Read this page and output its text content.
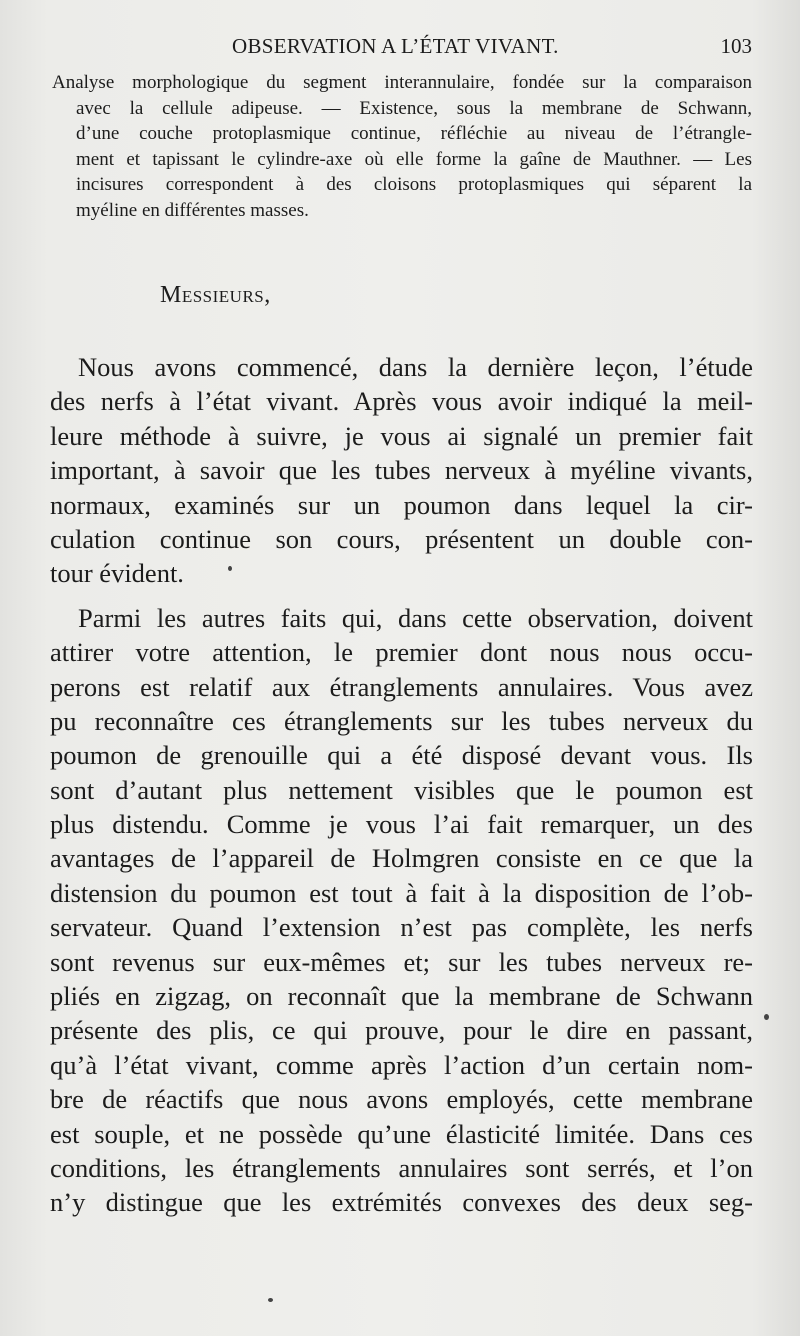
OBSERVATION A L’ÉTAT VIVANT.	103
Analyse morphologique du segment interannulaire, fondée sur la comparaison
avec la cellule adipeuse. — Existence, sous la membrane de Schwann,
d’une couche protoplasmique continue, réfléchie au niveau de l’étrangle-
ment et tapissant le cylindre-axe où elle forme la gaîne de Mauthner. — Les
incisures correspondent à des cloisons protoplasmiques qui séparent la
myéline en différentes masses.
Messieurs,
Nous avons commencé, dans la dernière leçon, l’étude
des nerfs à l’état vivant. Après vous avoir indiqué la meil-
leure méthode à suivre, je vous ai signalé un premier fait
important, à savoir que les tubes nerveux à myéline vivants,
normaux, examinés sur un poumon dans lequel la cir-
culation continue son cours, présentent un double con-
tour évident.
Parmi les autres faits qui, dans cette observation, doivent
attirer votre attention, le premier dont nous nous occu-
perons est relatif aux étranglements annulaires. Vous avez
pu reconnaître ces étranglements sur les tubes nerveux du
poumon de grenouille qui a été disposé devant vous. Ils
sont d’autant plus nettement visibles que le poumon est
plus distendu. Comme je vous l’ai fait remarquer, un des
avantages de l’appareil de Holmgren consiste en ce que la
distension du poumon est tout à fait à la disposition de l’ob-
servateur. Quand l’extension n’est pas complète, les nerfs
sont revenus sur eux-mêmes et; sur les tubes nerveux re-
pliés en zigzag, on reconnaît que la membrane de Schwann
présente des plis, ce qui prouve, pour le dire en passant,
qu’à l’état vivant, comme après l’action d’un certain nom-
bre de réactifs que nous avons employés, cette membrane
est souple, et ne possède qu’une élasticité limitée. Dans ces
conditions, les étranglements annulaires sont serrés, et l’on
n’y distingue que les extrémités convexes des deux seg-
